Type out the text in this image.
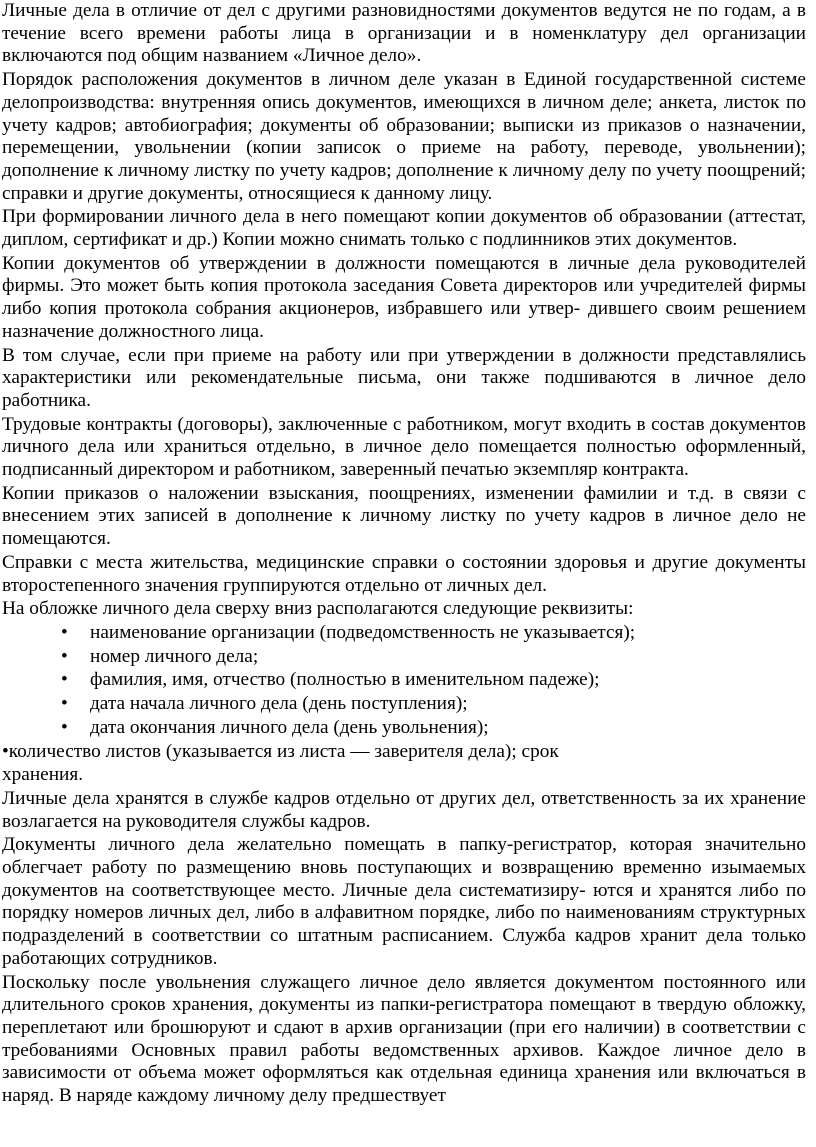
Личные дела в отличие от дел с другими разновидностями документов ведутся не по годам, а в течение всего времени работы лица в организации и в номенклатуру дел организации включаются под общим названием «Личное дело».

Порядок расположения документов в личном деле указан в Единой государственной системе делопроизводства: внутренняя опись документов, имеющихся в личном деле; анкета, листок по учету кадров; автобиография; документы об образовании; выписки из приказов о назначении, перемещении, увольнении (копии записок о приеме на работу, переводе, увольнении); дополнение к личному листку по учету кадров; дополнение к личному делу по учету поощрений; справки и другие документы, относящиеся к данному лицу.

При формировании личного дела в него помещают копии документов об образовании (аттестат, диплом, сертификат и др.) Копии можно снимать только с подлинников этих документов.

Копии документов об утверждении в должности помещаются в личные дела руководителей фирмы. Это может быть копия протокола заседания Совета директоров или учредителей фирмы либо копия протокола собрания акционеров, избравшего или утвер- дившего своим решением назначение должностного лица.

В том случае, если при приеме на работу или при утверждении в должности представлялись характеристики или рекомендательные письма, они также подшиваются в личное дело работника.

Трудовые контракты (договоры), заключенные с работником, могут входить в состав документов личного дела или храниться отдельно, в личное дело помещается полностью оформленный, подписанный директором и работником, заверенный печатью экземпляр контракта.

Копии приказов о наложении взыскания, поощрениях, изменении фамилии и т.д. в связи с внесением этих записей в дополнение к личному листку по учету кадров в личное дело не помещаются.

Справки с места жительства, медицинские справки о состоянии здоровья и другие документы второстепенного значения группируются отдельно от личных дел.

На обложке личного дела сверху вниз располагаются следующие реквизиты:

• наименование организации (подведомственность не указывается);
• номер личного дела;
• фамилия, имя, отчество (полностью в именительном падеже);
• дата начала личного дела (день поступления);
• дата окончания личного дела (день увольнения);

•количество листов (указывается из листа — заверителя дела); срок

хранения.

Личные дела хранятся в службе кадров отдельно от других дел, ответственность за их хранение возлагается на руководителя службы кадров.

Документы личного дела желательно помещать в папку-регистратор, которая значительно облегчает работу по размещению вновь поступающих и возвращению временно изымаемых документов на соответствующее место. Личные дела систематизиру- ются и хранятся либо по порядку номеров личных дел, либо в алфавитном порядке, либо по наименованиям структурных подразделений в соответствии со штатным расписанием. Служба кадров хранит дела только работающих сотрудников.

Поскольку после увольнения служащего личное дело является документом постоянного или длительного сроков хранения, документы из папки-регистратора помещают в твердую обложку, переплетают или брошюруют и сдают в архив организации (при его наличии) в соответствии с требованиями Основных правил работы ведомственных архивов. Каждое личное дело в зависимости от объема может оформляться как отдельная единица хранения или включаться в наряд. В наряде каждому личному делу предшествует
